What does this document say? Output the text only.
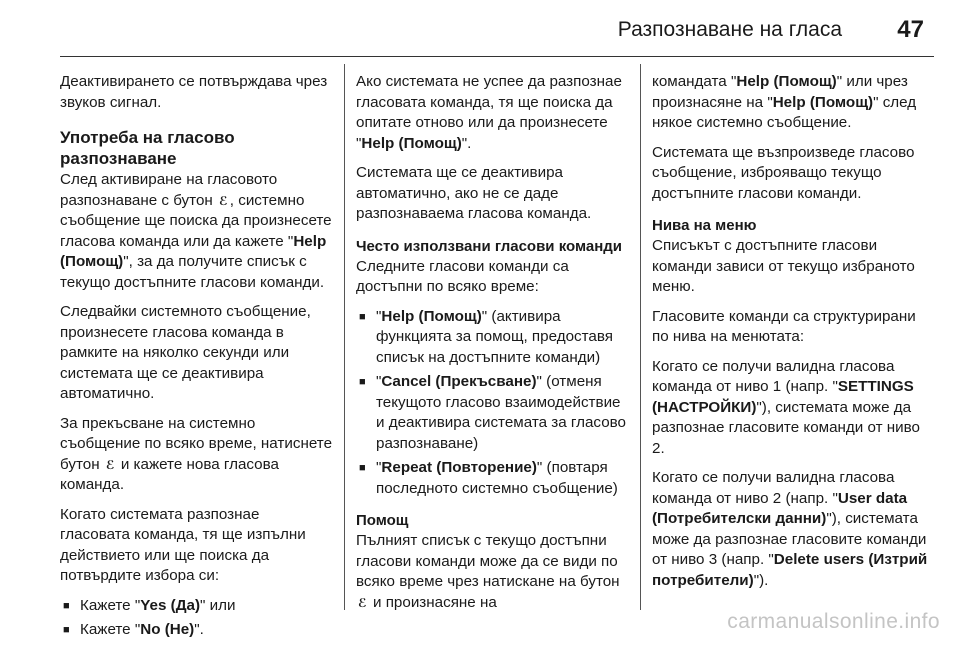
Разпознаване на гласа 47

Деактивирането се потвърждава чрез звуков сигнал.

Употреба на гласово разпознаване

След активиране на гласовото разпознаване с бутон ℰ , системно съобщение ще поиска да произнесете гласова команда или да кажете "Help (Помощ)", за да получите списък с текущо достъпните гласови команди.

Следвайки системното съобщение, произнесете гласова команда в рамките на няколко секунди или системата ще се деактивира автоматично.

За прекъсване на системно съобщение по всяко време, натиснете бутон ℰ и кажете нова гласова команда.

Когато системата разпознае гласовата команда, тя ще изпълни действието или ще поиска да потвърдите избора си:

■ Кажете "Yes (Да)" или
■ Кажете "No (Не)".

Ако системата не успее да разпознае гласовата команда, тя ще поиска да опитате отново или да произнесете "Help (Помощ)".

Системата ще се деактивира автоматично, ако не се даде разпознаваема гласова команда.

Често използвани гласови команди

Следните гласови команди са достъпни по всяко време:

■ "Help (Помощ)" (активира функцията за помощ, предоставя списък на достъпните команди)
■ "Cancel (Прекъсване)" (отменя текущото гласово взаимодействие и деактивира системата за гласово разпознаване)
■ "Repeat (Повторение)" (повтаря последното системно съобщение)
Помощ

Пълният списък с текущо достъпни гласови команди може да се види по всяко време чрез натискане на бутон ℰ и произнасяне на

командата "Help (Помощ)" или чрез произнасяне на "Help (Помощ)" след някое системно съобщение.

Системата ще възпроизведе гласово съобщение, изброяващо текущо достъпните гласови команди.

Нива на меню

Списъкът с достъпните гласови команди зависи от текущо избраното меню.

Гласовите команди са структурирани по нива на менютата:

Когато се получи валидна гласова команда от ниво 1 (напр. "SETTINGS (НАСТРОЙКИ)"), системата може да разпознае гласовите команди от ниво 2.

Когато се получи валидна гласова команда от ниво 2 (напр. "User data (Потребителски данни)"), системата може да разпознае гласовите команди от ниво 3 (напр. "Delete users (Изтрий потребители)").

carmanualsonline.info
